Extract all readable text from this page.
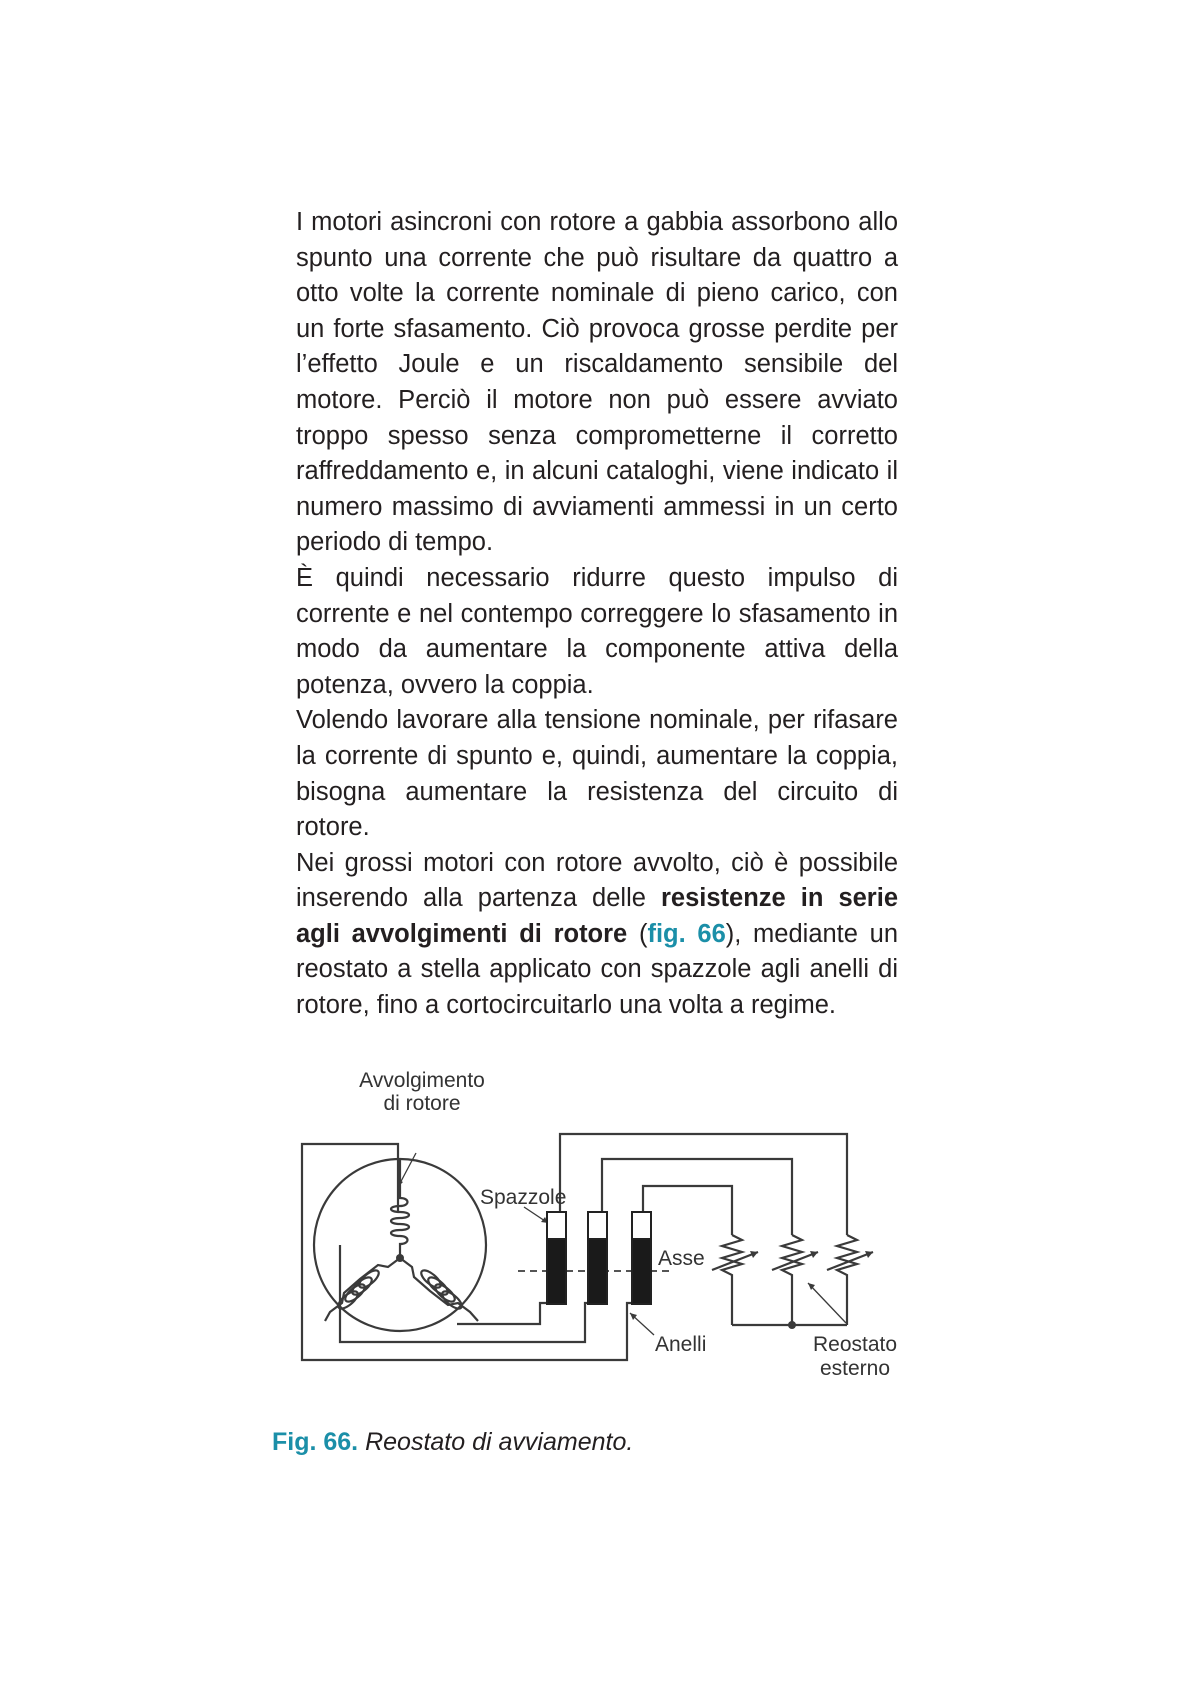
I motori asincroni con rotore a gabbia assorbono allo spunto una corrente che può risultare da quattro a otto volte la corrente nominale di pieno carico, con un forte sfasamento. Ciò provoca grosse perdite per l’effetto Joule e un riscaldamento sensibile del motore. Perciò il motore non può essere avviato troppo spesso senza comprometterne il corretto raffreddamento e, in alcuni cataloghi, viene indicato il numero massimo di avviamenti ammessi in un certo periodo di tempo.

È quindi necessario ridurre questo impulso di corrente e nel contempo correggere lo sfasamento in modo da aumentare la componente attiva della potenza, ovvero la coppia.

Volendo lavorare alla tensione nominale, per rifasare la corrente di spunto e, quindi, aumentare la coppia, bisogna aumentare la resistenza del circuito di rotore.

Nei grossi motori con rotore avvolto, ciò è possibile inserendo alla partenza delle resistenze in serie agli avvolgimenti di rotore (fig. 66), mediante un reostato a stella applicato con spazzole agli anelli di rotore, fino a cortocircuitarlo una volta a regime.

Avvolgimento
di rotore
Spazzole
Asse
Anelli	Reostato
esterno
Fig. 66. Reostato di avviamento.
